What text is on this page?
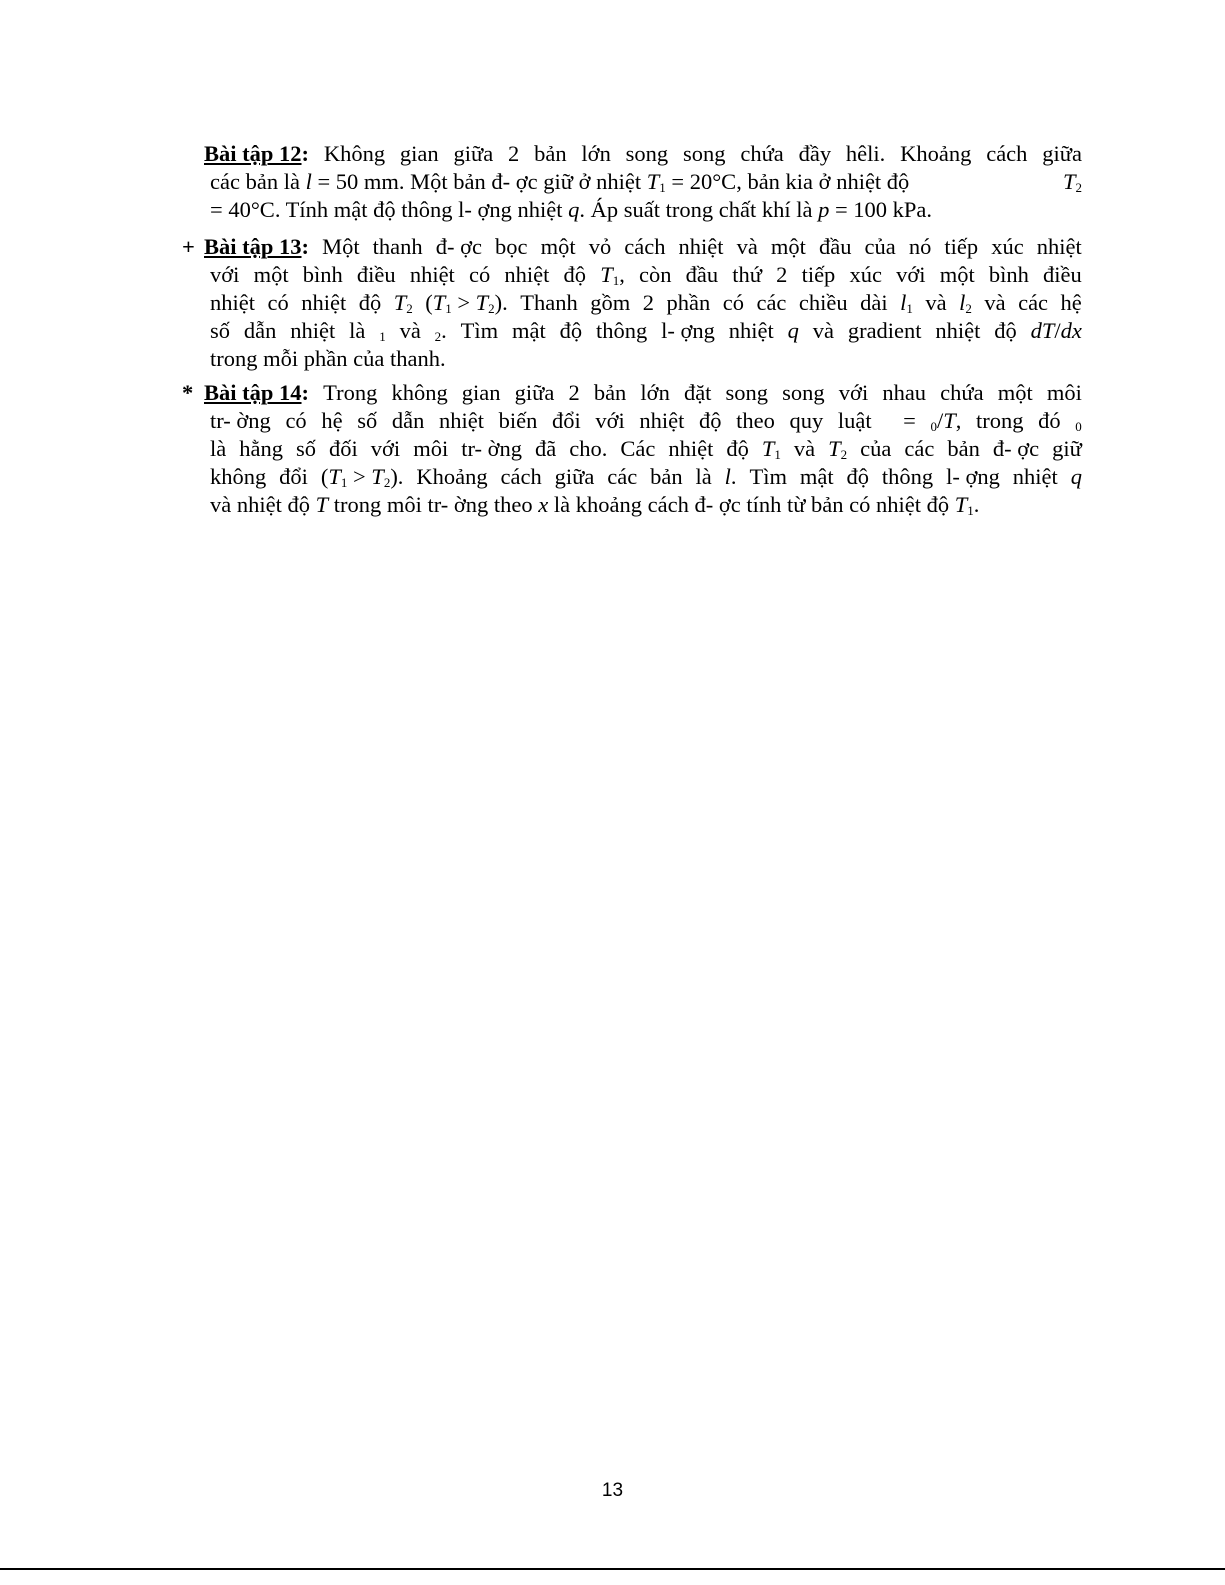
Bài tập 12: Không gian giữa 2 bản lớn song song chứa đầy hêli. Khoảng cách giữa
các bản là l = 50 mm. Một bản đ- ợc giữ ở nhiệt $T_1 = 20^\circ C$, bản kia ở nhiệt độ	$T_2$
= 40°C. Tính mật độ thông l- ợng nhiệt q. Áp suất trong chất khí là p = 100 kPa.
+ Bài tập 13: Một thanh đ- ợc bọc một vỏ cách nhiệt và một đầu của nó tiếp xúc nhiệt
với một bình điều nhiệt có nhiệt độ $T_1$, còn đầu thứ 2 tiếp xúc với một bình điều
nhiệt có nhiệt độ $T_2$ $(T_1 > T_2)$. Thanh gồm 2 phần có các chiều dài $l_1$ và $l_2$ và các hệ
số dẫn nhiệt là $_1$ và $_2$. Tìm mật độ thông l- ợng nhiệt q và gradient nhiệt độ dT/dx
trong mỗi phần của thanh.
* Bài tập 14: Trong không gian giữa 2 bản lớn đặt song song với nhau chứa một môi
tr- ờng có hệ số dẫn nhiệt biến đổi với nhiệt độ theo quy luật = $_0$/T, trong đó $_0$
là hằng số đối với môi tr- ờng đã cho. Các nhiệt độ $T_1$ và $T_2$ của các bản đ- ợc giữ
không đổi $(T_1 > T_2)$. Khoảng cách giữa các bản là l. Tìm mật độ thông l- ợng nhiệt q
và nhiệt độ T trong môi tr- ờng theo x là khoảng cách đ- ợc tính từ bản có nhiệt độ $T_1$.
13
